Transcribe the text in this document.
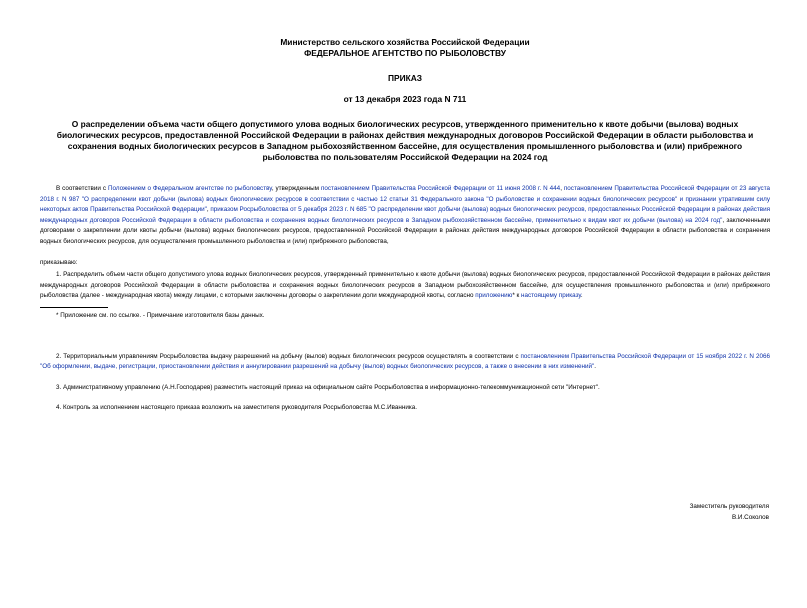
Министерство сельского хозяйства Российской Федерации
ФЕДЕРАЛЬНОЕ АГЕНТСТВО ПО РЫБОЛОВСТВУ
ПРИКАЗ
от 13 декабря 2023 года N 711
О распределении объема части общего допустимого улова водных биологических ресурсов, утвержденного применительно к квоте добычи (вылова) водных биологических ресурсов, предоставленной Российской Федерации в районах действия международных договоров Российской Федерации в области рыболовства и сохранения водных биологических ресурсов в Западном рыбохозяйственном бассейне, для осуществления промышленного рыболовства и (или) прибрежного рыболовства по пользователям Российской Федерации на 2024 год

В соответствии с Положением о Федеральном агентстве по рыболовству, утвержденным постановлением Правительства Российской Федерации от 11 июня 2008 г. N 444, постановлением Правительства Российской Федерации от 23 августа 2018 г. N 987 "О распределении квот добычи (вылова) водных биологических ресурсов в соответствии с частью 12 статьи 31 Федерального закона "О рыболовстве и сохранении водных биологических ресурсов" и признании утратившим силу некоторых актов Правительства Российской Федерации", приказом Росрыболовства от 5 декабря 2023 г. N 685 "О распределении квот добычи (вылова) водных биологических ресурсов, предоставленных Российской Федерации в районах действия международных договоров Российской Федерации в области рыболовства и сохранения водных биологических ресурсов в Западном рыбохозяйственном бассейне, применительно к видам квот их добычи (вылова) на 2024 год", заключенными договорами о закреплении доли квоты добычи (вылова) водных биологических ресурсов, предоставленной Российской Федерации в районах действия международных договоров Российской Федерации в области рыболовства и сохранения водных биологических ресурсов, для осуществления промышленного рыболовства и (или) прибрежного рыболовства,

приказываю:

1. Распределить объем части общего допустимого улова водных биологических ресурсов, утвержденный применительно к квоте добычи (вылова) водных биологических ресурсов, предоставленной Российской Федерации в районах действия международных договоров Российской Федерации в области рыболовства и сохранения водных биологических ресурсов в Западном рыбохозяйственном бассейне, для осуществления промышленного рыболовства и (или) прибрежного рыболовства (далее - международная квота) между лицами, с которыми заключены договоры о закреплении доли международной квоты, согласно приложению* к настоящему приказу.

* Приложение см. по ссылке. - Примечание изготовителя базы данных.

2. Территориальным управлениям Росрыболовства выдачу разрешений на добычу (вылов) водных биологических ресурсов осуществлять в соответствии с постановлением Правительства Российской Федерации от 15 ноября 2022 г. N 2066 "Об оформлении, выдаче, регистрации, приостановлении действия и аннулировании разрешений на добычу (вылов) водных биологических ресурсов, а также о внесении в них изменений".

3. Административному управлению (А.Н.Господарев) разместить настоящий приказ на официальном сайте Росрыболовства в информационно-телекоммуникационной сети "Интернет".

4. Контроль за исполнением настоящего приказа возложить на заместителя руководителя Росрыболовства М.С.Иванника.

Заместитель руководителя
В.И.Соколов
